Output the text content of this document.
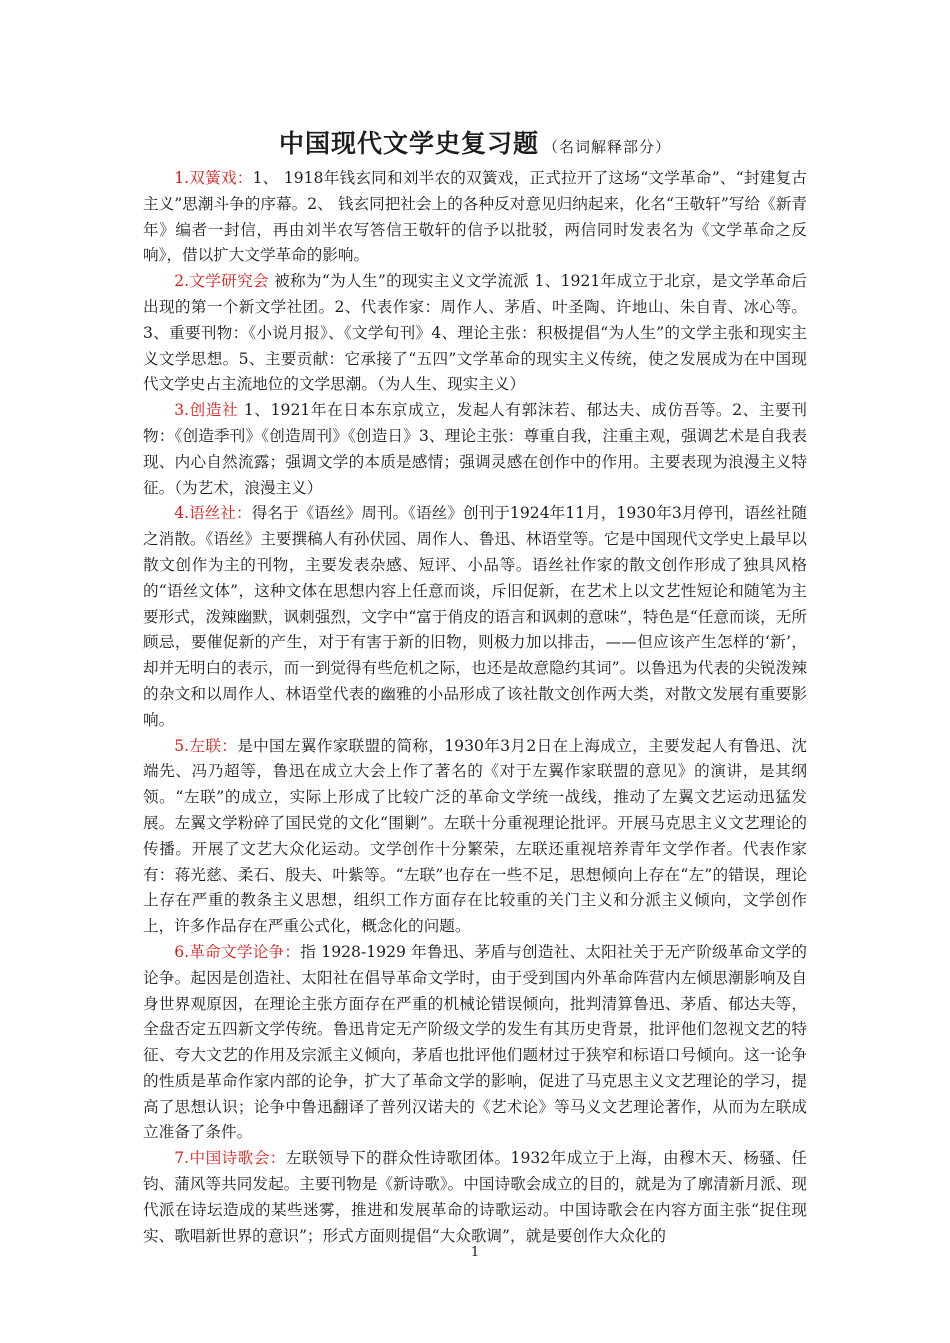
中国现代文学史复习题 （名词解释部分）

1.双簧戏：1、 1918年钱玄同和刘半农的双簧戏，正式拉开了这场“文学革命”、“封建复古主义”思潮斗争的序幕。2、 钱玄同把社会上的各种反对意见归纳起来，化名“王敬轩”写给《新青年》编者一封信，再由刘半农写答信王敬轩的信予以批驳，两信同时发表名为《文学革命之反响》，借以扩大文学革命的影响。

2.文学研究会 被称为“为人生”的现实主义文学流派 1、1921年成立于北京，是文学革命后出现的第一个新文学社团。2、代表作家：周作人、茅盾、叶圣陶、许地山、朱自青、冰心等。3、重要刊物：《小说月报》、《文学旬刊》4、理论主张：积极提倡“为人生”的文学主张和现实主义文学思想。5、主要贡献：它承接了“五四”文学革命的现实主义传统，使之发展成为在中国现代文学史占主流地位的文学思潮。（为人生、现实主义）

3.创造社 1、1921年在日本东京成立，发起人有郭沫若、郁达夫、成仿吾等。2、主要刊物：《创造季刊》《创造周刊》《创造日》3、理论主张：尊重自我，注重主观，强调艺术是自我表现、内心自然流露；强调文学的本质是感情；强调灵感在创作中的作用。主要表现为浪漫主义特征。（为艺术，浪漫主义）

4.语丝社：得名于《语丝》周刊。《语丝》创刊于1924年11月，1930年3月停刊，语丝社随之消散。《语丝》主要撰稿人有孙伏园、周作人、鲁迅、林语堂等。它是中国现代文学史上最早以散文创作为主的刊物，主要发表杂感、短评、小品等。语丝社作家的散文创作形成了独具风格的“语丝文体”，这种文体在思想内容上任意而谈，斥旧促新，在艺术上以文艺性短论和随笔为主要形式，泼辣幽默，讽刺强烈，文字中“富于俏皮的语言和讽刺的意味”，特色是“任意而谈，无所顾忌，要催促新的产生，对于有害于新的旧物，则极力加以排击，——但应该产生怎样的‘新’，却并无明白的表示，而一到觉得有些危机之际，也还是故意隐约其词”。以鲁迅为代表的尖锐泼辣的杂文和以周作人、林语堂代表的幽雅的小品形成了该社散文创作两大类，对散文发展有重要影响。

5.左联：是中国左翼作家联盟的简称，1930年3月2日在上海成立，主要发起人有鲁迅、沈端先、冯乃超等，鲁迅在成立大会上作了著名的《对于左翼作家联盟的意见》的演讲，是其纲领。“左联”的成立，实际上形成了比较广泛的革命文学统一战线，推动了左翼文艺运动迅猛发展。左翼文学粉碎了国民党的文化“围剿”。左联十分重视理论批评。开展马克思主义文艺理论的传播。开展了文艺大众化运动。文学创作十分繁荣，左联还重视培养青年文学作者。代表作家有：蒋光慈、柔石、殷夫、叶紫等。“左联”也存在一些不足，思想倾向上存在“左”的错误，理论上存在严重的教条主义思想，组织工作方面存在比较重的关门主义和分派主义倾向，文学创作上，许多作品存在严重公式化，概念化的问题。

6.革命文学论争：指 1928-1929 年鲁迅、茅盾与创造社、太阳社关于无产阶级革命文学的论争。起因是创造社、太阳社在倡导革命文学时，由于受到国内外革命阵营内左倾思潮影响及自身世界观原因，在理论主张方面存在严重的机械论错误倾向，批判清算鲁迅、茅盾、郁达夫等，全盘否定五四新文学传统。鲁迅肯定无产阶级文学的发生有其历史背景，批评他们忽视文艺的特征、夸大文艺的作用及宗派主义倾向，茅盾也批评他们题材过于狭窄和标语口号倾向。这一论争的性质是革命作家内部的论争，扩大了革命文学的影响，促进了马克思主义文艺理论的学习，提高了思想认识；论争中鲁迅翻译了普列汉诺夫的《艺术论》等马义文艺理论著作，从而为左联成立准备了条件。

7.中国诗歌会：左联领导下的群众性诗歌团体。1932年成立于上海，由穆木天、杨骚、任钧、蒲风等共同发起。主要刊物是《新诗歌》。中国诗歌会成立的目的，就是为了廓清新月派、现代派在诗坛造成的某些迷雾，推进和发展革命的诗歌运动。中国诗歌会在内容方面主张“捉住现实、歌唱新世界的意识”；形式方面则提倡“大众歌调”，就是要创作大众化的

1
